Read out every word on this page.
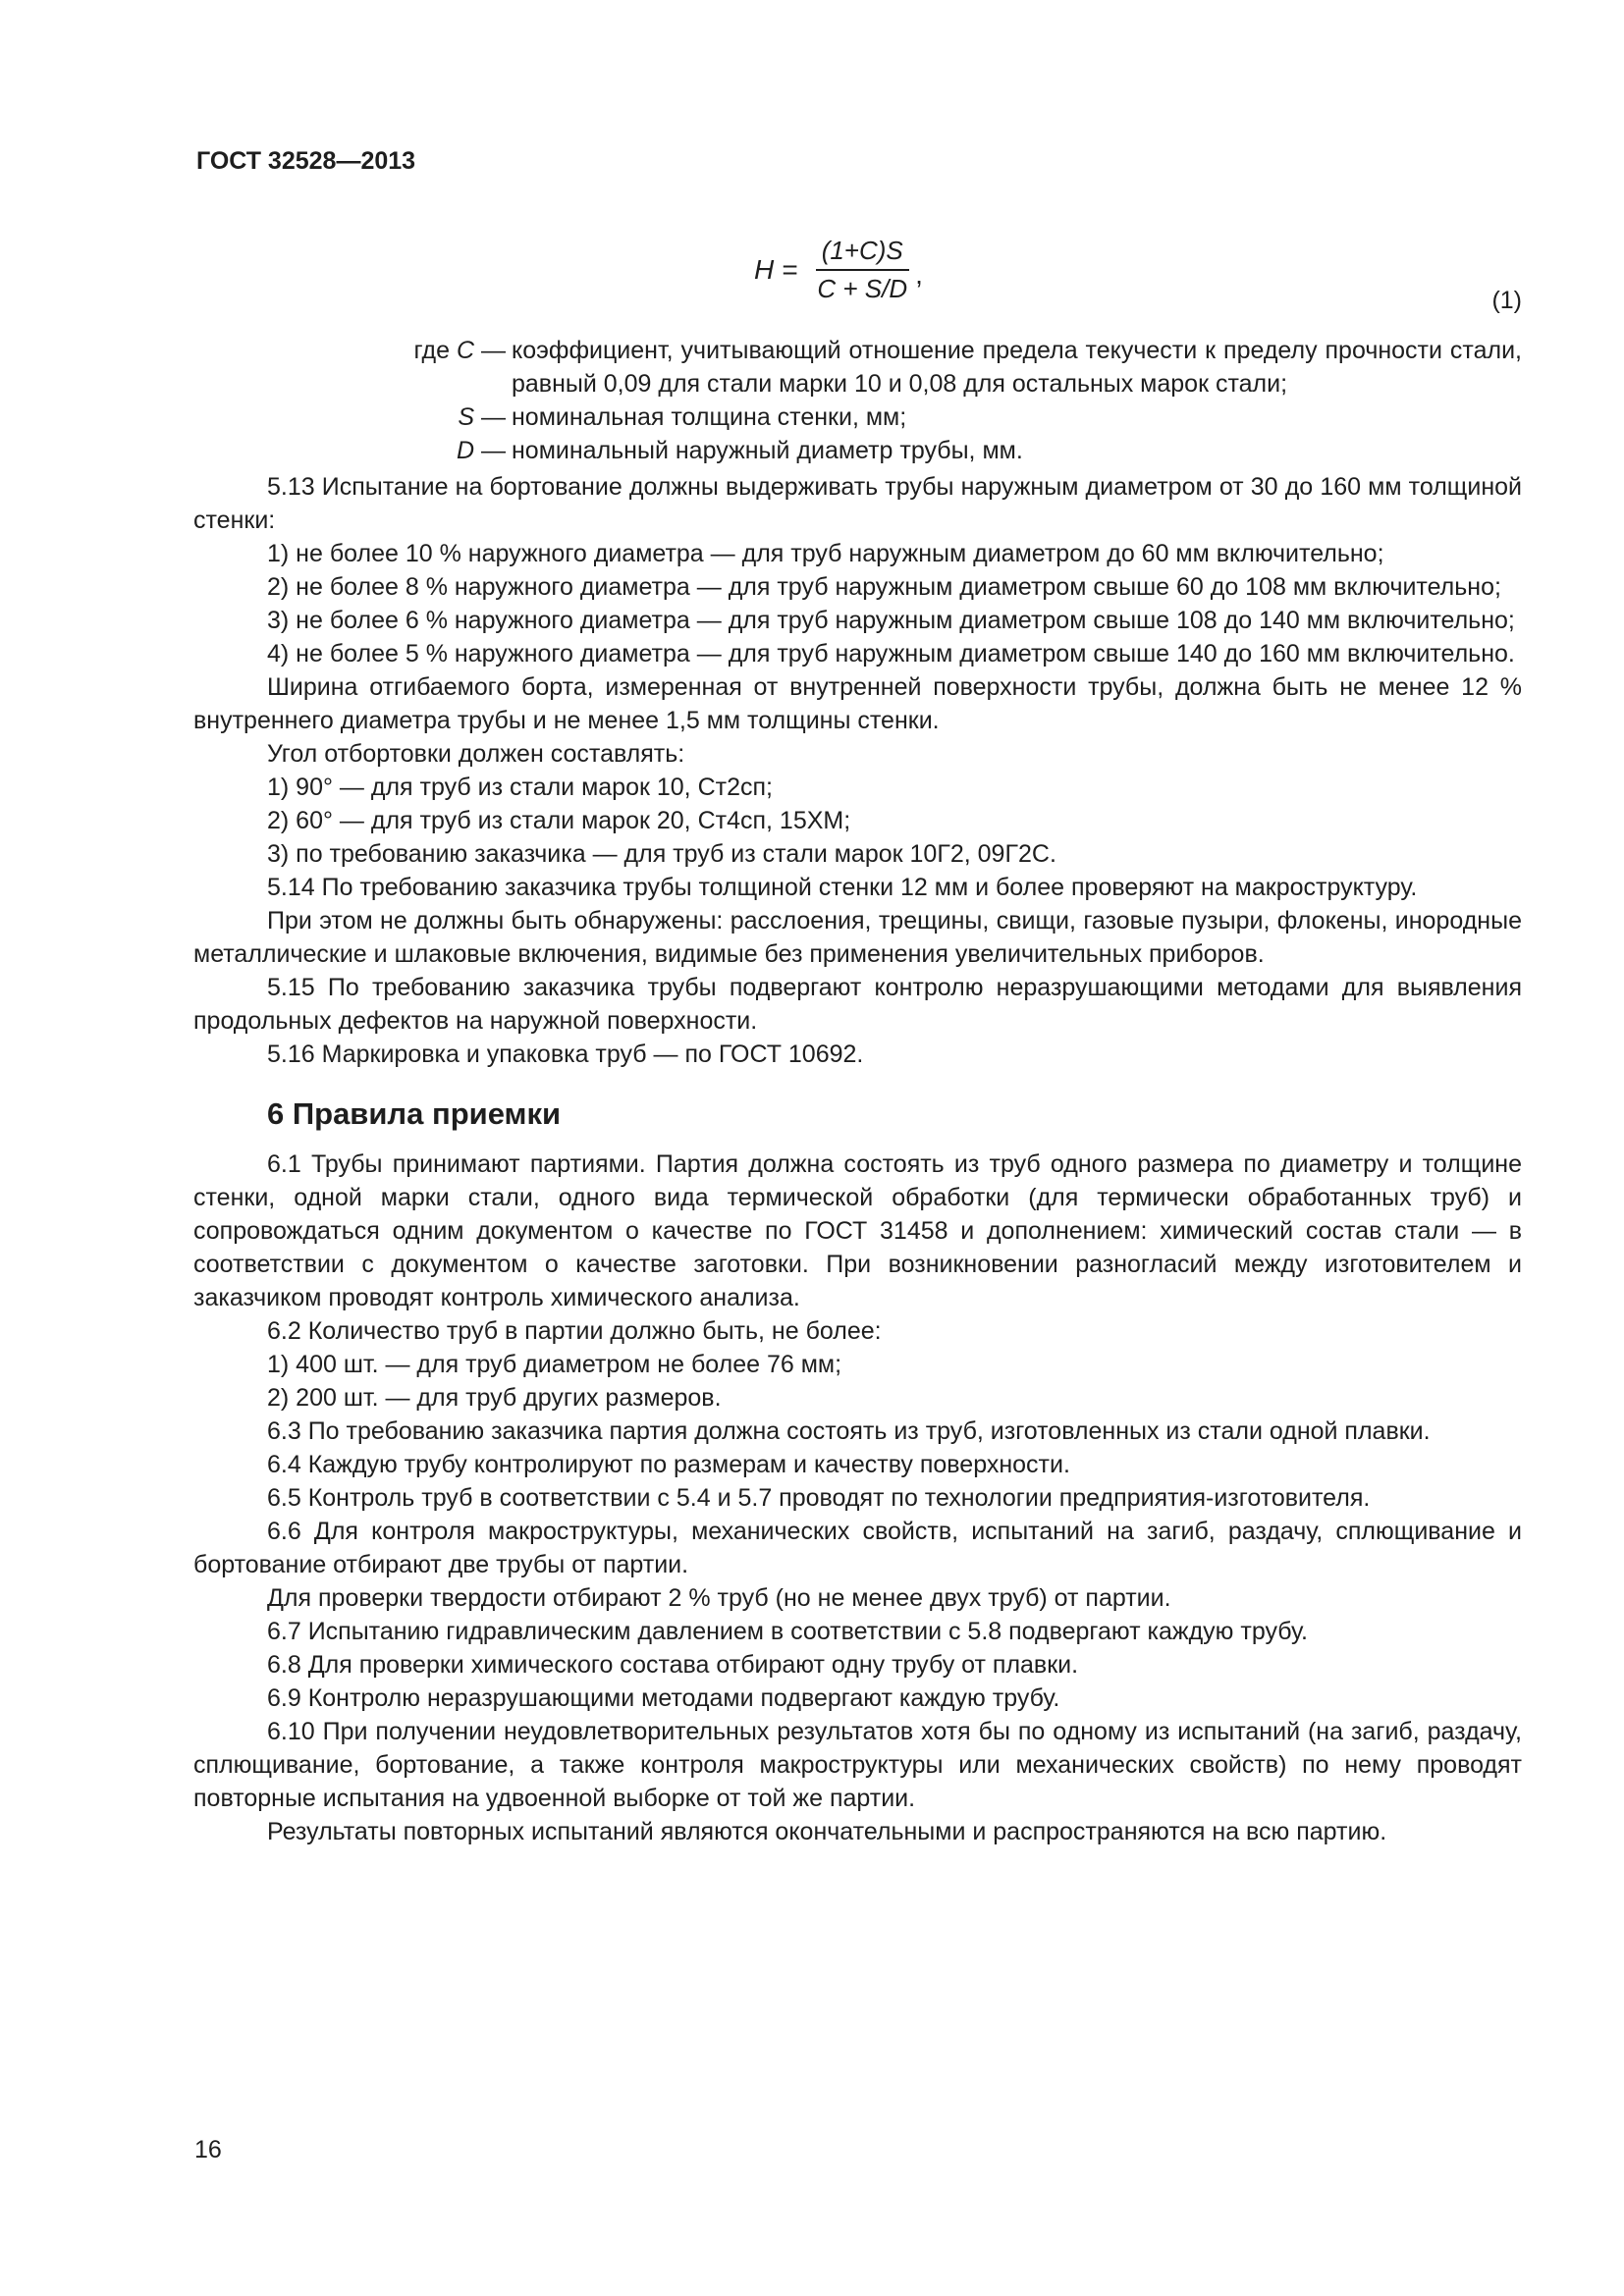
ГОСТ 32528—2013
$H = \frac{(1+C)S}{C + S/D}$ ,
(1)
где C — коэффициент, учитывающий отношение предела текучести к пределу прочности стали, равный 0,09 для стали марки 10 и 0,08 для остальных марок стали;
S — номинальная толщина стенки, мм;
D — номинальный наружный диаметр трубы, мм.

5.13 Испытание на бортование должны выдерживать трубы наружным диаметром от 30 до 160 мм толщиной стенки:

1) не более 10 % наружного диаметра — для труб наружным диаметром до 60 мм включительно;

2) не более 8 % наружного диаметра — для труб наружным диаметром свыше 60 до 108 мм включительно;

3) не более 6 % наружного диаметра — для труб наружным диаметром свыше 108 до 140 мм включительно;

4) не более 5 % наружного диаметра — для труб наружным диаметром свыше 140 до 160 мм включительно.

Ширина отгибаемого борта, измеренная от внутренней поверхности трубы, должна быть не менее 12 % внутреннего диаметра трубы и не менее 1,5 мм толщины стенки.

Угол отбортовки должен составлять:

1) 90° — для труб из стали марок 10, Ст2сп;

2) 60° — для труб из стали марок 20, Ст4сп, 15ХМ;

3) по требованию заказчика — для труб из стали марок 10Г2, 09Г2С.

5.14 По требованию заказчика трубы толщиной стенки 12 мм и более проверяют на макроструктуру.

При этом не должны быть обнаружены: расслоения, трещины, свищи, газовые пузыри, флокены, инородные металлические и шлаковые включения, видимые без применения увеличительных приборов.

5.15 По требованию заказчика трубы подвергают контролю неразрушающими методами для выявления продольных дефектов на наружной поверхности.

5.16 Маркировка и упаковка труб — по ГОСТ 10692.

6 Правила приемки

6.1 Трубы принимают партиями. Партия должна состоять из труб одного размера по диаметру и толщине стенки, одной марки стали, одного вида термической обработки (для термически обработанных труб) и сопровождаться одним документом о качестве по ГОСТ 31458 и дополнением: химический состав стали — в соответствии с документом о качестве заготовки. При возникновении разногласий между изготовителем и заказчиком проводят контроль химического анализа.

6.2 Количество труб в партии должно быть, не более:

1) 400 шт. — для труб диаметром не более 76 мм;

2) 200 шт. — для труб других размеров.

6.3 По требованию заказчика партия должна состоять из труб, изготовленных из стали одной плавки.

6.4 Каждую трубу контролируют по размерам и качеству поверхности.

6.5 Контроль труб в соответствии с 5.4 и 5.7 проводят по технологии предприятия-изготовителя.

6.6 Для контроля макроструктуры, механических свойств, испытаний на загиб, раздачу, сплющивание и бортование отбирают две трубы от партии.

Для проверки твердости отбирают 2 % труб (но не менее двух труб) от партии.

6.7 Испытанию гидравлическим давлением в соответствии с 5.8 подвергают каждую трубу.

6.8 Для проверки химического состава отбирают одну трубу от плавки.

6.9 Контролю неразрушающими методами подвергают каждую трубу.

6.10 При получении неудовлетворительных результатов хотя бы по одному из испытаний (на загиб, раздачу, сплющивание, бортование, а также контроля макроструктуры или механических свойств) по нему проводят повторные испытания на удвоенной выборке от той же партии.

Результаты повторных испытаний являются окончательными и распространяются на всю партию.

16
